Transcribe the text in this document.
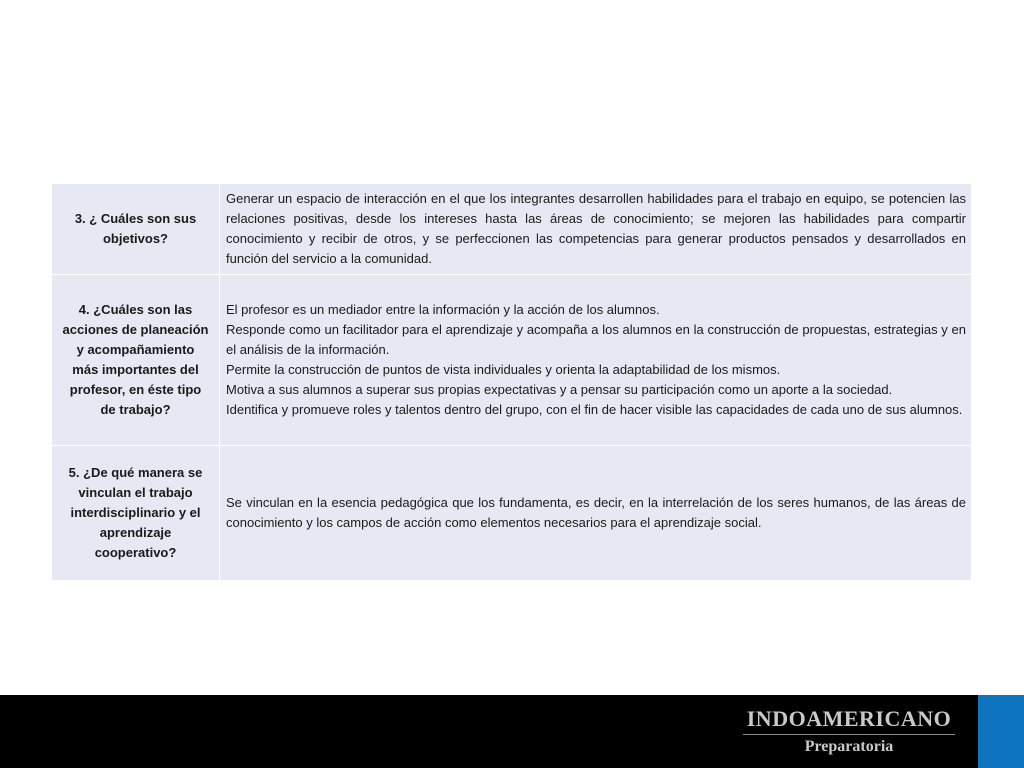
3. ¿ Cuáles son sus objetivos?	Generar un espacio de interacción en el que los integrantes desarrollen habilidades para el trabajo en equipo, se potencien las relaciones positivas, desde los intereses hasta las áreas de conocimiento; se mejoren las habilidades para compartir conocimiento y recibir de otros, y se perfeccionen las competencias para generar productos pensados y desarrollados en función del servicio a la comunidad.

4. ¿Cuáles son las acciones de planeación y acompañamiento más importantes del profesor, en éste tipo de trabajo?	El profesor es un mediador entre la información y la acción de los alumnos.

Responde como un facilitador para el aprendizaje y acompaña a los alumnos en la construcción de propuestas, estrategias y en el análisis de la información.

Permite la construcción de puntos de vista individuales y orienta la adaptabilidad de los mismos.

Motiva a sus alumnos a superar sus propias expectativas y a pensar su participación como un aporte a la sociedad.

Identifica y promueve roles y talentos dentro del grupo, con el fin de hacer visible las capacidades de cada uno de sus alumnos.

5. ¿De qué manera se vinculan el trabajo interdisciplinario y el aprendizaje cooperativo?	Se vinculan en la esencia pedagógica que los fundamenta, es decir, en la interrelación de los seres humanos, de las áreas de conocimiento y los campos de acción como elementos necesarios para el aprendizaje social.

INDOAMERICANO
Preparatoria
